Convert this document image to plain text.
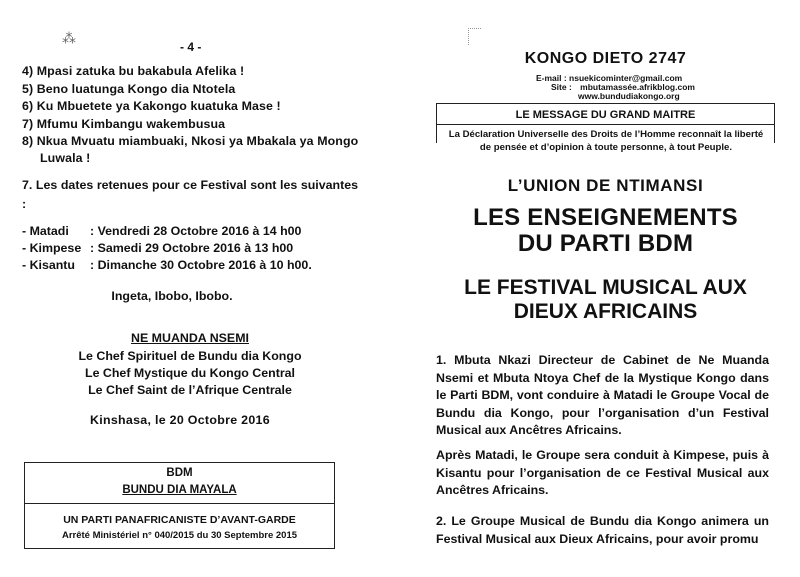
⁂
- 4 -
4) Mpasi zatuka bu bakabula Afelika !
5) Beno luatunga Kongo dia Ntotela
6) Ku Mbuetete ya Kakongo kuatuka Mase !
7) Mfumu Kimbangu wakembusua
8) Nkua Mvuatu miambuaki, Nkosi ya Mbakala ya Mongo
Luwala !
7. Les dates retenues pour ce Festival sont les suivantes :
- Matadi : Vendredi 28 Octobre 2016 à 14 h00
- Kimpese : Samedi 29 Octobre 2016 à 13 h00
- Kisantu : Dimanche 30 Octobre 2016 à 10 h00.
Ingeta, Ibobo, Ibobo.
NE MUANDA NSEMI
Le Chef Spirituel de Bundu dia Kongo
Le Chef Mystique du Kongo Central
Le Chef Saint de l’Afrique Centrale
Kinshasa, le 20 Octobre 2016
BDM
BUNDU DIA MAYALA
UN PARTI PANAFRICANISTE D’AVANT-GARDE
Arrêté Ministériel n° 040/2015 du 30 Septembre 2015
KONGO DIETO 2747
E-mail : nsuekicominter@gmail.com
Site : mbutamassée.afrikblog.com
www.bundudiakongo.org
LE MESSAGE DU GRAND MAITRE
La Déclaration Universelle des Droits de l’Homme reconnaît la liberté de pensée et d’opinion à toute personne, à tout Peuple.
L’UNION DE NTIMANSI
LES ENSEIGNEMENTS
DU PARTI BDM
LE FESTIVAL MUSICAL AUX
DIEUX AFRICAINS
1. Mbuta Nkazi Directeur de Cabinet de Ne Muanda Nsemi et Mbuta Ntoya Chef de la Mystique Kongo dans le Parti BDM, vont conduire à Matadi le Groupe Vocal de Bundu dia Kongo, pour l’organisation d’un Festival Musical aux Ancêtres Africains.
Après Matadi, le Groupe sera conduit à Kimpese, puis à Kisantu pour l’organisation de ce Festival Musical aux Ancêtres Africains.
2. Le Groupe Musical de Bundu dia Kongo animera un Festival Musical aux Dieux Africains, pour avoir promu
